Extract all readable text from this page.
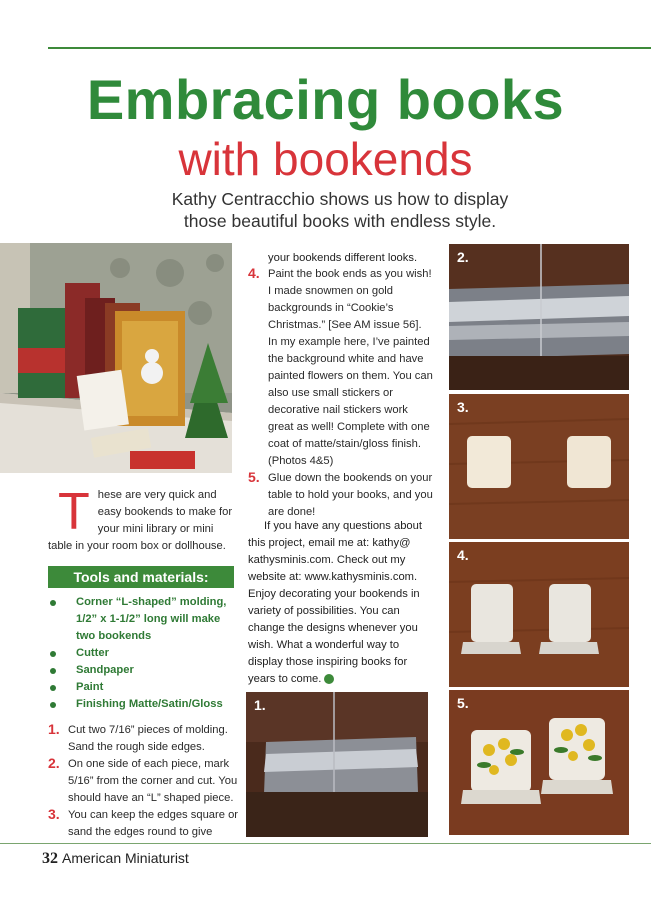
Embracing books
with bookends
Kathy Centracchio shows us how to display those beautiful books with endless style.
These are very quick and easy bookends to make for your mini library or mini table in your room box or dollhouse.
Tools and materials:
Corner “L-shaped” molding, 1/2” x 1-1/2” long will make two bookends
Cutter
Sandpaper
Paint
Finishing Matte/Satin/Gloss
1. Cut two 7/16” pieces of molding. Sand the rough side edges.
2. On one side of each piece, mark 5/16” from the corner and cut. You should have an “L” shaped piece.
3. You can keep the edges square or sand the edges round to give
your bookends different looks.
4. Paint the book ends as you wish! I made snowmen on gold backgrounds in “Cookie’s Christmas.” [See AM issue 56]. In my example here, I’ve painted the background white and have painted flowers on them. You can also use small stickers or decorative nail stickers work great as well! Complete with one coat of matte/stain/gloss finish. (Photos 4&5)
5. Glue down the bookends on your table to hold your books, and you are done!

If you have any questions about this project, email me at: kathy@ kathysminis.com. Check out my website at: www.kathysminis.com. Enjoy decorating your bookends in variety of possibilities. You can change the designs whenever you wish. What a wonderful way to display those inspiring books for years to come.	AM

1.
2.
3.
4.
5.
32 American Miniaturist
